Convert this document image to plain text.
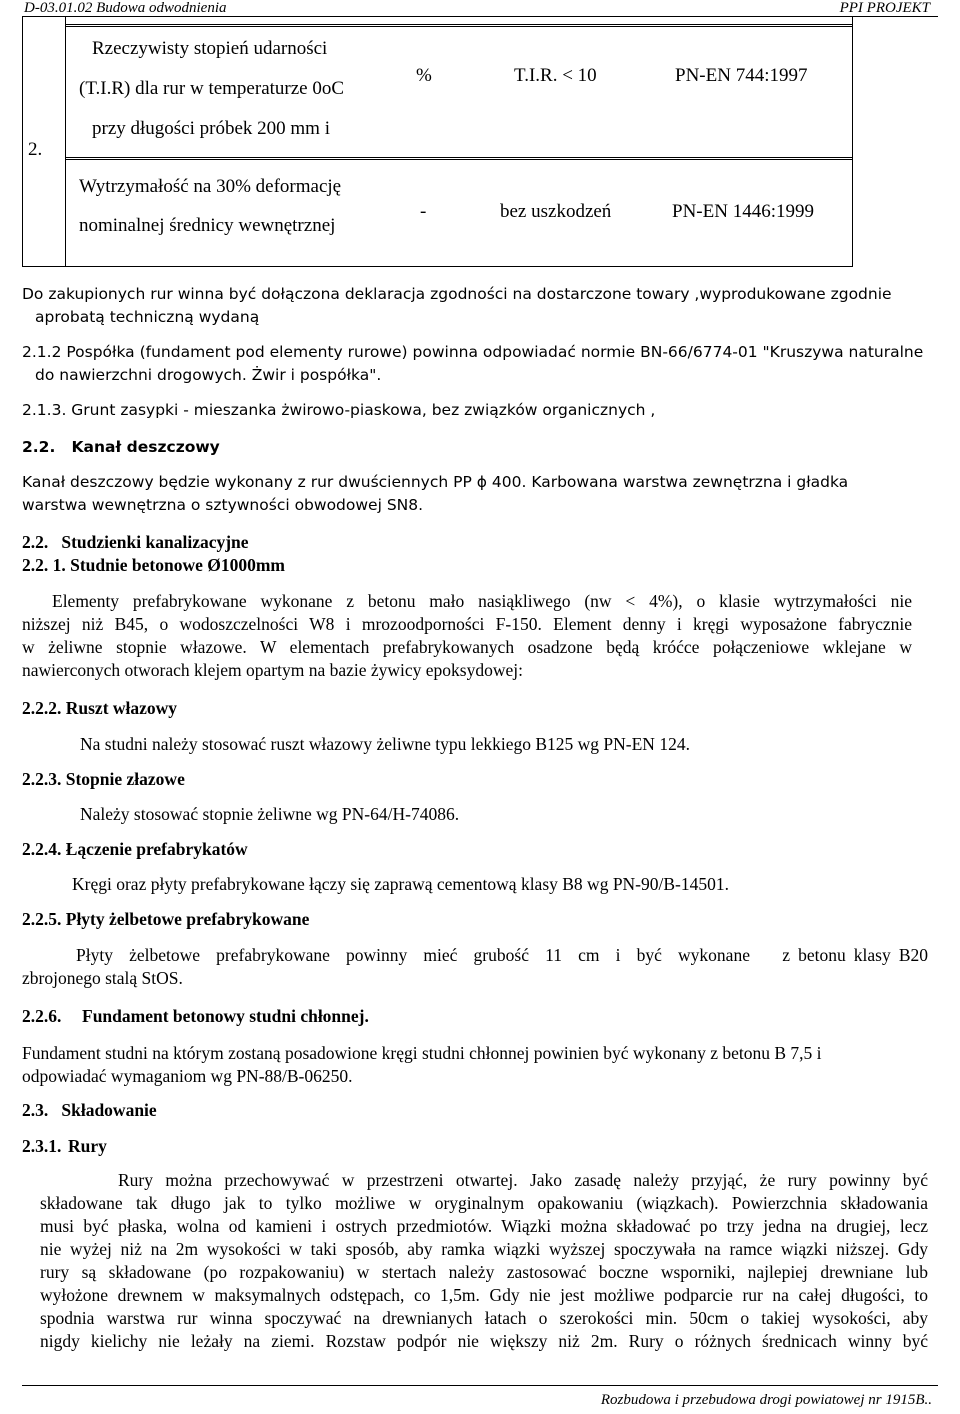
D-03.01.02 Budowa odwodnienia	PPI PROJEKT
2.
Rzeczywisty stopień udarności
(T.I.R) dla rur w temperaturze 0oC
przy długości próbek 200 mm i
%	T.I.R. < 10	PN-EN 744:1997
Wytrzymałość na 30% deformację
nominalnej średnicy wewnętrznej
-	bez uszkodzeń	PN-EN 1446:1999
Do zakupionych rur winna być dołączona deklaracja zgodności na dostarczone towary ,wyprodukowane zgodnie
aprobatą techniczną wydaną
2.1.2 Pospółka (fundament pod elementy rurowe) powinna odpowiadać normie BN-66/6774-01 "Kruszywa naturalne
do nawierzchni drogowych. Żwir i pospółka".
2.1.3. Grunt zasypki - mieszanka żwirowo-piaskowa, bez związków organicznych ,
2.2.   Kanał deszczowy
Kanał deszczowy będzie wykonany z rur dwuściennych PP ϕ 400. Karbowana warstwa zewnętrzna i gładka
warstwa wewnętrzna o sztywności obwodowej SN8.
2.2.   Studzienki kanalizacyjne
2.2. 1. Studnie betonowe Ø1000mm
Elementy prefabrykowane wykonane z betonu mało nasiąkliwego (nw < 4%), o klasie wytrzymałości nie
niższej niż B45, o wodoszczelności W8 i mrozoodporności F-150. Element denny i kręgi wyposażone fabrycznie
w żeliwne stopnie włazowe. W elementach prefabrykowanych osadzone będą króćce połączeniowe wklejane w
nawierconych otworach klejem opartym na bazie żywicy epoksydowej:
2.2.2. Ruszt włazowy
Na studni należy stosować ruszt włazowy żeliwne typu lekkiego B125 wg PN-EN 124.
2.2.3. Stopnie złazowe
Należy stosować stopnie żeliwne wg PN-64/H-74086.
2.2.4. Łączenie prefabrykatów
Kręgi oraz płyty prefabrykowane łączy się zaprawą cementową klasy B8 wg PN-90/B-14501.
2.2.5. Płyty żelbetowe prefabrykowane
Płyty  żelbetowe  prefabrykowane  powinny  mieć  grubość  11  cm  i  być  wykonane    z betonu klasy B20
zbrojonego stalą StOS.
2.2.6. Fundament betonowy studni chłonnej.
Fundament studni na którym zostaną posadowione kręgi studni chłonnej powinien być wykonany z betonu B 7,5 i
odpowiadać wymaganiom wg PN-88/B-06250.
2.3.   Składowanie
2.3.1. Rury
Rury można przechowywać w przestrzeni otwartej. Jako zasadę należy przyjąć, że rury powinny być
składowane tak długo jak to tylko możliwe w oryginalnym opakowaniu (wiązkach). Powierzchnia składowania
musi być płaska, wolna od kamieni i ostrych przedmiotów. Wiązki można składować po trzy jedna na drugiej, lecz
nie wyżej niż na 2m wysokości w taki sposób, aby ramka wiązki wyższej spoczywała na ramce wiązki niższej. Gdy
rury są składowane (po rozpakowaniu) w stertach należy zastosować boczne wsporniki, najlepiej drewniane lub
wyłożone drewnem w maksymalnych odstępach, co 1,5m. Gdy nie jest możliwe podparcie rur na całej długości, to
spodnia warstwa rur winna spoczywać na drewnianych łatach o szerokości min. 50cm o takiej wysokości, aby
nigdy kielichy nie leżały na ziemi. Rozstaw podpór nie większy niż 2m. Rury o różnych średnicach winny być
Rozbudowa i przebudowa drogi powiatowej nr 1915B..
